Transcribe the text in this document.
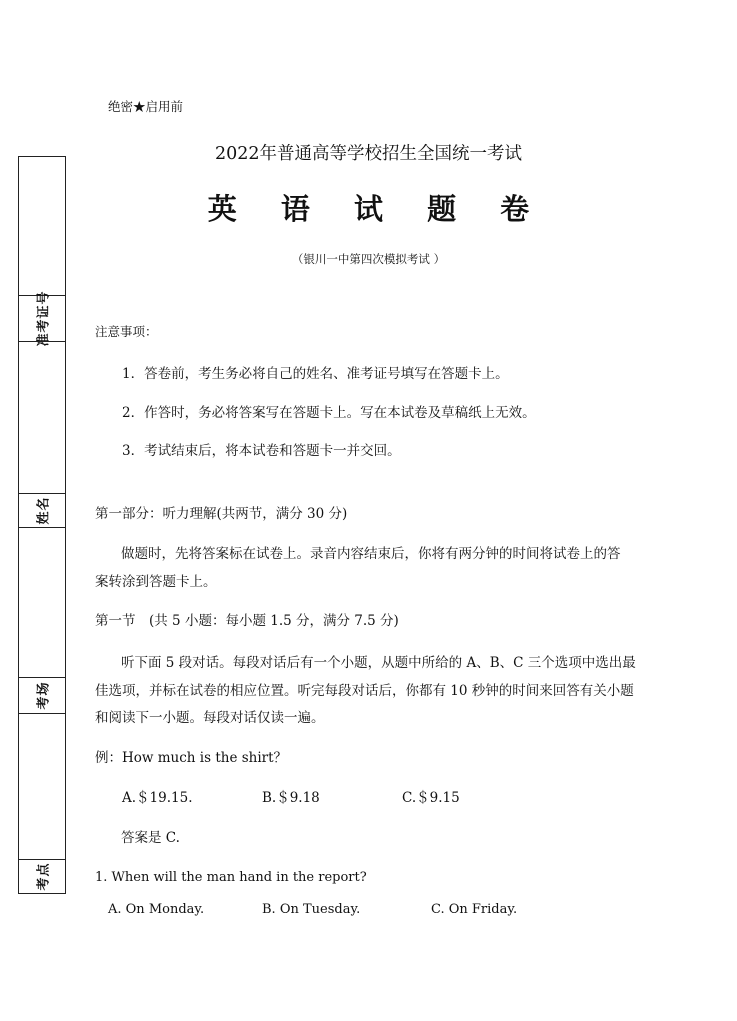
准考证号
姓名
考场
考点
绝密★启用前
2022年普通高等学校招生全国统一考试
英 语 试 题 卷
（银川一中第四次模拟考试 ）
注意事项：
1．答卷前，考生务必将自己的姓名、准考证号填写在答题卡上。
2．作答时，务必将答案写在答题卡上。写在本试卷及草稿纸上无效。
3．考试结束后，将本试卷和答题卡一并交回。
第一部分：听力理解(共两节，满分 30 分)
做题时，先将答案标在试卷上。录音内容结束后，你将有两分钟的时间将试卷上的答
案转涂到答题卡上。
第一节　(共 5 小题：每小题 1.5 分，满分 7.5 分)
听下面 5 段对话。每段对话后有一个小题，从题中所给的 A、B、C 三个选项中选出最
佳选项，并标在试卷的相应位置。听完每段对话后，你都有 10 秒钟的时间来回答有关小题
和阅读下一小题。每段对话仅读一遍。
例：How much is the shirt？
A.＄19.15.	B.＄9.18	C.＄9.15
答案是 C.
1. When will the man hand in the report?
A. On Monday.	B. On Tuesday.	C. On Friday.
